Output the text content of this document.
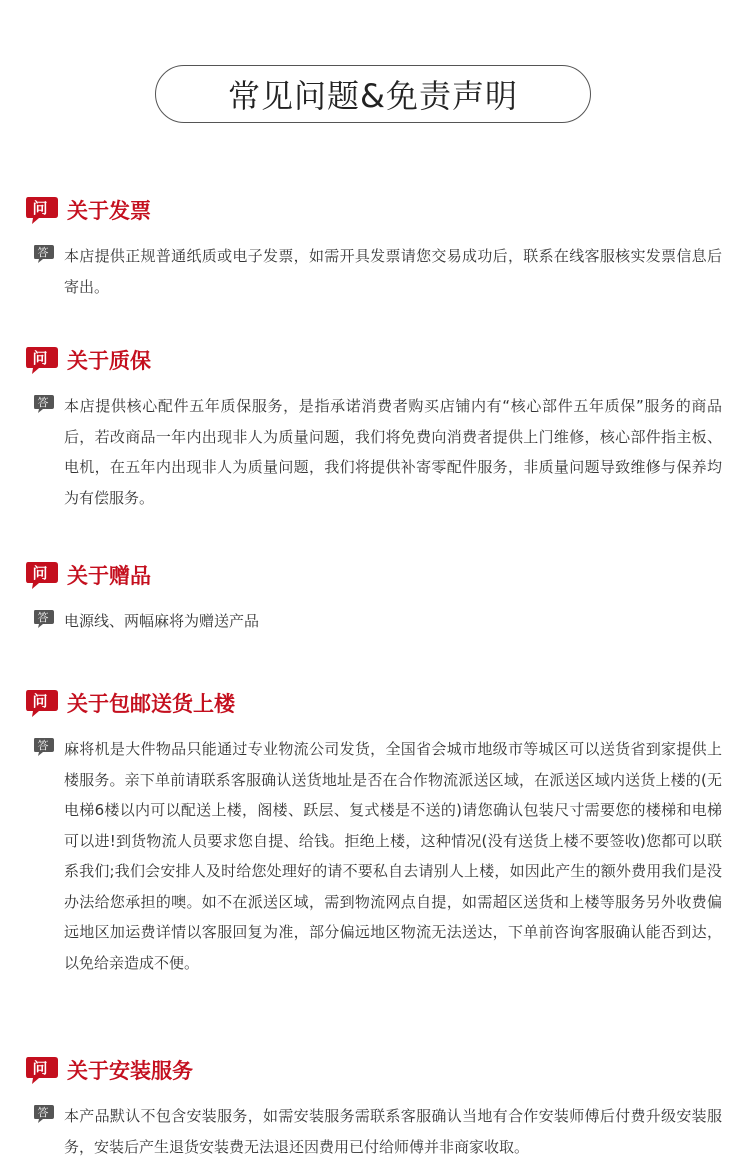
常见问题&免责声明
问 关于发票
答	本店提供正规普通纸质或电子发票，如需开具发票请您交易成功后，联系在线客服核实发票信息后寄出。
问 关于质保
答	本店提供核心配件五年质保服务，是指承诺消费者购买店铺内有“核心部件五年质保”服务的商品后，若改商品一年内出现非人为质量问题，我们将免费向消费者提供上门维修，核心部件指主板、电机，在五年内出现非人为质量问题，我们将提供补寄零配件服务，非质量问题导致维修与保养均为有偿服务。
问 关于赠品
答	电源线、两幅麻将为赠送产品
问 关于包邮送货上楼
答	麻将机是大件物品只能通过专业物流公司发货，全国省会城市地级市等城区可以送货省到家提供上楼服务。亲下单前请联系客服确认送货地址是否在合作物流派送区域，在派送区域内送货上楼的(无电梯6楼以内可以配送上楼，阁楼、跃层、复式楼是不送的)请您确认包装尺寸需要您的楼梯和电梯可以进!到货物流人员要求您自提、给钱。拒绝上楼，这种情况(没有送货上楼不要签收)您都可以联系我们;我们会安排人及时给您处理好的请不要私自去请别人上楼，如因此产生的额外费用我们是没办法给您承担的噢。如不在派送区域，需到物流网点自提，如需超区送货和上楼等服务另外收费偏远地区加运费详情以客服回复为准，部分偏远地区物流无法送达，下单前咨询客服确认能否到达，以免给亲造成不便。
问 关于安装服务
答	本产品默认不包含安装服务，如需安装服务需联系客服确认当地有合作安装师傅后付费升级安装服务，安装后产生退货安装费无法退还因费用已付给师傅并非商家收取。
